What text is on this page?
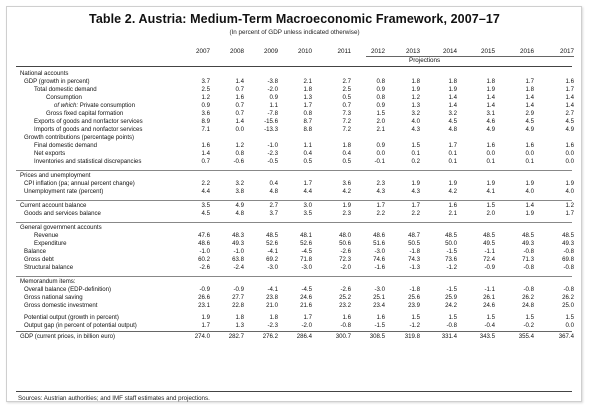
Table 2. Austria: Medium-Term Macroeconomic Framework, 2007–17
(In percent of GDP unless indicated otherwise)
2007	2008	2009	2010	2011	2012	2013	2014	2015	2016	2017
Projections
National accounts
GDP (growth in percent)	3.7	1.4	-3.8	2.1	2.7	0.8	1.8	1.8	1.8	1.7	1.6
Total domestic demand	2.5	0.7	-2.0	1.8	2.5	0.9	1.9	1.9	1.9	1.8	1.7
Consumption	1.2	1.6	0.9	1.3	0.5	0.8	1.2	1.4	1.4	1.4	1.4
of which: Private consumption	0.9	0.7	1.1	1.7	0.7	0.9	1.3	1.4	1.4	1.4	1.4
Gross fixed capital formation	3.6	0.7	-7.8	0.8	7.3	1.5	3.2	3.2	3.1	2.9	2.7
Exports of goods and nonfactor services	8.9	1.4	-15.6	8.7	7.2	2.0	4.0	4.5	4.6	4.5	4.5
Imports of goods and nonfactor services	7.1	0.0	-13.3	8.8	7.2	2.1	4.3	4.8	4.9	4.9	4.9
Growth contributions (percentage points)
Final domestic demand	1.6	1.2	-1.0	1.1	1.8	0.9	1.5	1.7	1.6	1.6	1.6
Net exports	1.4	0.8	-2.3	0.4	0.4	0.0	0.1	0.1	0.0	0.0	0.0
Inventories and statistical discrepancies	0.7	-0.6	-0.5	0.5	0.5	-0.1	0.2	0.1	0.1	0.1	0.0
Prices and unemployment
CPI inflation (pa; annual percent change)	2.2	3.2	0.4	1.7	3.6	2.3	1.9	1.9	1.9	1.9	1.9
Unemployment rate (percent)	4.4	3.8	4.8	4.4	4.2	4.3	4.3	4.2	4.1	4.0	4.0
Current account balance	3.5	4.9	2.7	3.0	1.9	1.7	1.7	1.6	1.5	1.4	1.2
Goods and services balance	4.5	4.8	3.7	3.5	2.3	2.2	2.2	2.1	2.0	1.9	1.7
General government accounts
Revenue	47.6	48.3	48.5	48.1	48.0	48.6	48.7	48.5	48.5	48.5	48.5
Expenditure	48.6	49.3	52.6	52.6	50.6	51.6	50.5	50.0	49.5	49.3	49.3
Balance	-1.0	-1.0	-4.1	-4.5	-2.6	-3.0	-1.8	-1.5	-1.1	-0.8	-0.8
Gross debt	60.2	63.8	69.2	71.8	72.3	74.6	74.3	73.6	72.4	71.3	69.8
Structural balance	-2.6	-2.4	-3.0	-3.0	-2.0	-1.6	-1.3	-1.2	-0.9	-0.8	-0.8
Memorandum items:
Overall balance (EDP-definition)	-0.9	-0.9	-4.1	-4.5	-2.6	-3.0	-1.8	-1.5	-1.1	-0.8	-0.8
Gross national saving	26.6	27.7	23.8	24.6	25.2	25.1	25.6	25.9	26.1	26.2	26.2
Gross domestic investment	23.1	22.8	21.0	21.6	23.2	23.4	23.9	24.2	24.6	24.8	25.0
Potential output (growth in percent)	1.9	1.8	1.8	1.7	1.6	1.6	1.5	1.5	1.5	1.5	1.5
Output gap (in percent of potential output)	1.7	1.3	-2.3	-2.0	-0.8	-1.5	-1.2	-0.8	-0.4	-0.2	0.0
GDP (current prices, in billion euro)	274.0	282.7	276.2	286.4	300.7	308.5	319.8	331.4	343.5	355.4	367.4
Sources: Austrian authorities; and IMF staff estimates and projections.
